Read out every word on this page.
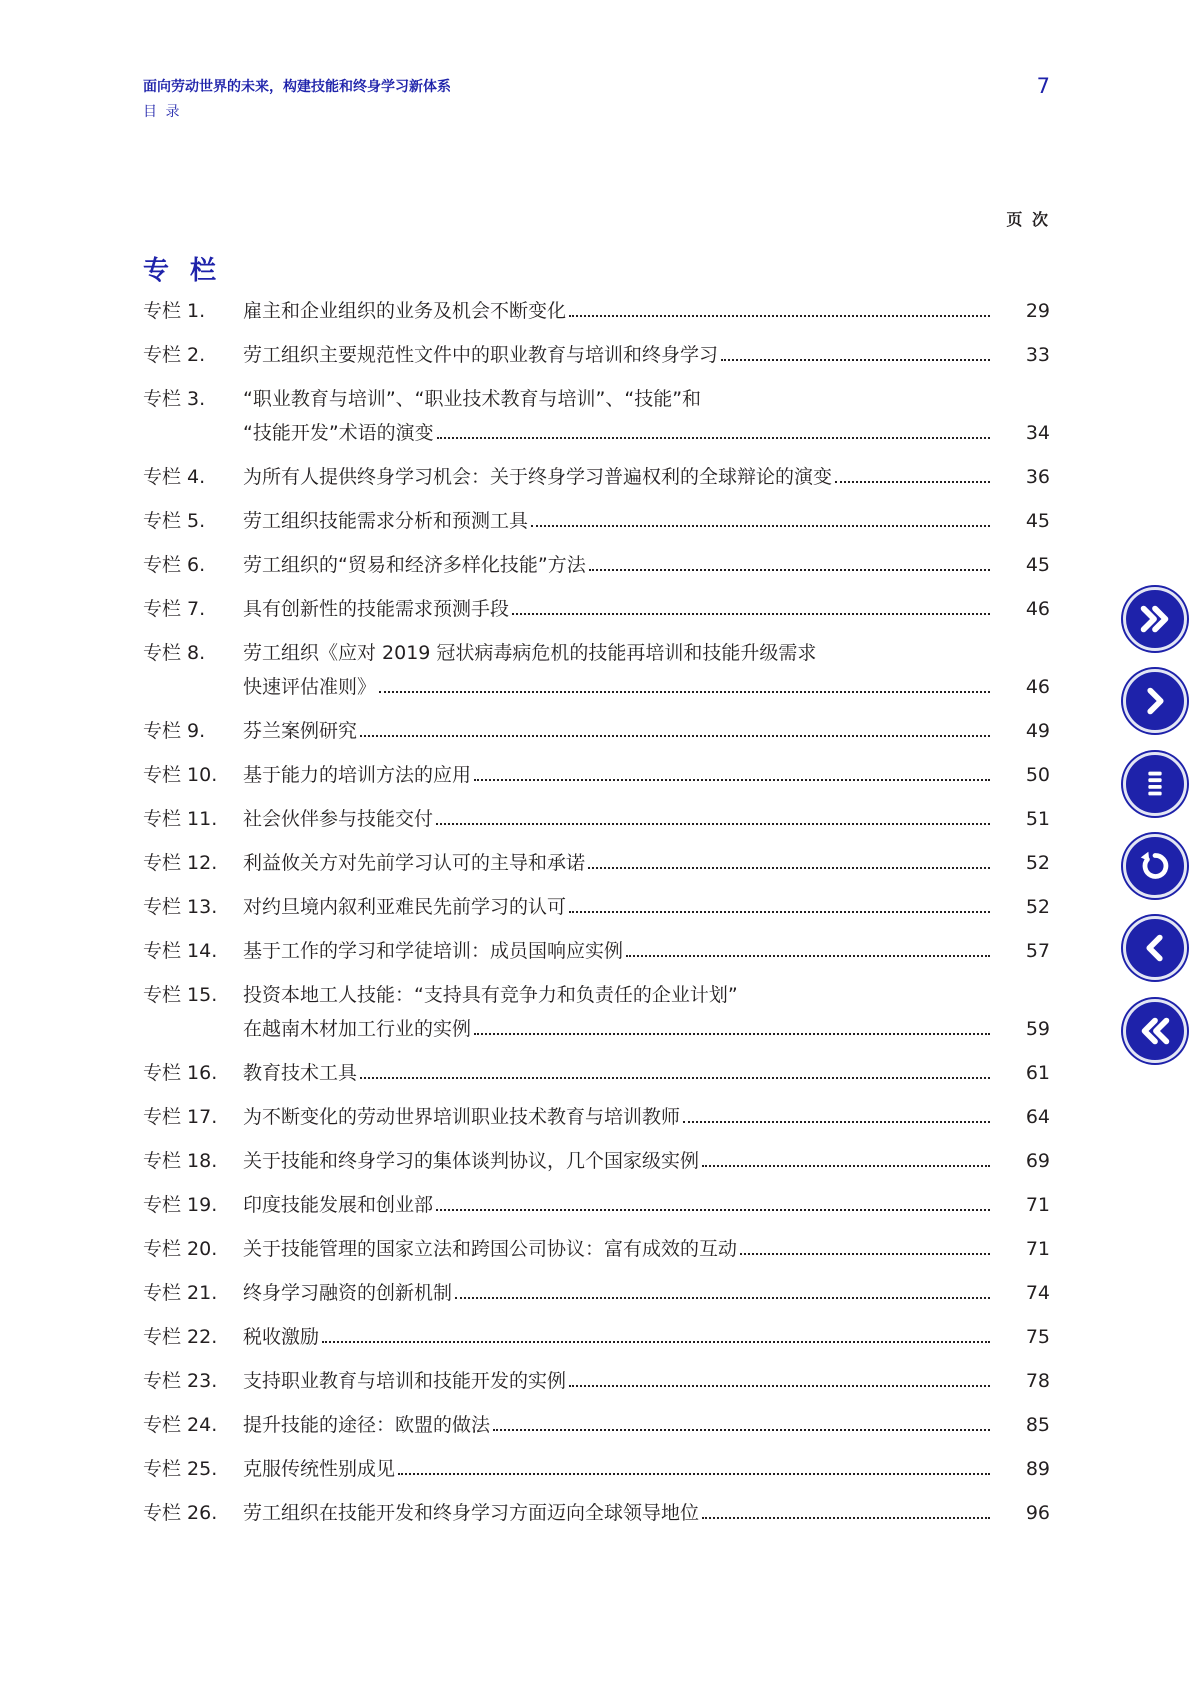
面向劳动世界的未来，构建技能和终身学习新体系
目 录
7
页 次
专 栏
专栏 1.	雇主和企业组织的业务及机会不断变化	29
专栏 2.	劳工组织主要规范性文件中的职业教育与培训和终身学习	33
专栏 3.	“职业教育与培训”、“职业技术教育与培训”、“技能”和
“技能开发”术语的演变	34
专栏 4.	为所有人提供终身学习机会：关于终身学习普遍权利的全球辩论的演变	36
专栏 5.	劳工组织技能需求分析和预测工具	45
专栏 6.	劳工组织的“贸易和经济多样化技能”方法	45
专栏 7.	具有创新性的技能需求预测手段	46
专栏 8.	劳工组织《应对 2019 冠状病毒病危机的技能再培训和技能升级需求
快速评估准则》	46
专栏 9.	芬兰案例研究	49
专栏 10.	基于能力的培训方法的应用	50
专栏 11.	社会伙伴参与技能交付	51
专栏 12.	利益攸关方对先前学习认可的主导和承诺	52
专栏 13.	对约旦境内叙利亚难民先前学习的认可	52
专栏 14.	基于工作的学习和学徒培训：成员国响应实例	57
专栏 15.	投资本地工人技能：“支持具有竞争力和负责任的企业计划”
在越南木材加工行业的实例	59
专栏 16.	教育技术工具	61
专栏 17.	为不断变化的劳动世界培训职业技术教育与培训教师	64
专栏 18.	关于技能和终身学习的集体谈判协议，几个国家级实例	69
专栏 19.	印度技能发展和创业部	71
专栏 20.	关于技能管理的国家立法和跨国公司协议：富有成效的互动	71
专栏 21.	终身学习融资的创新机制	74
专栏 22.	税收激励	75
专栏 23.	支持职业教育与培训和技能开发的实例	78
专栏 24.	提升技能的途径：欧盟的做法	85
专栏 25.	克服传统性别成见	89
专栏 26.	劳工组织在技能开发和终身学习方面迈向全球领导地位	96
